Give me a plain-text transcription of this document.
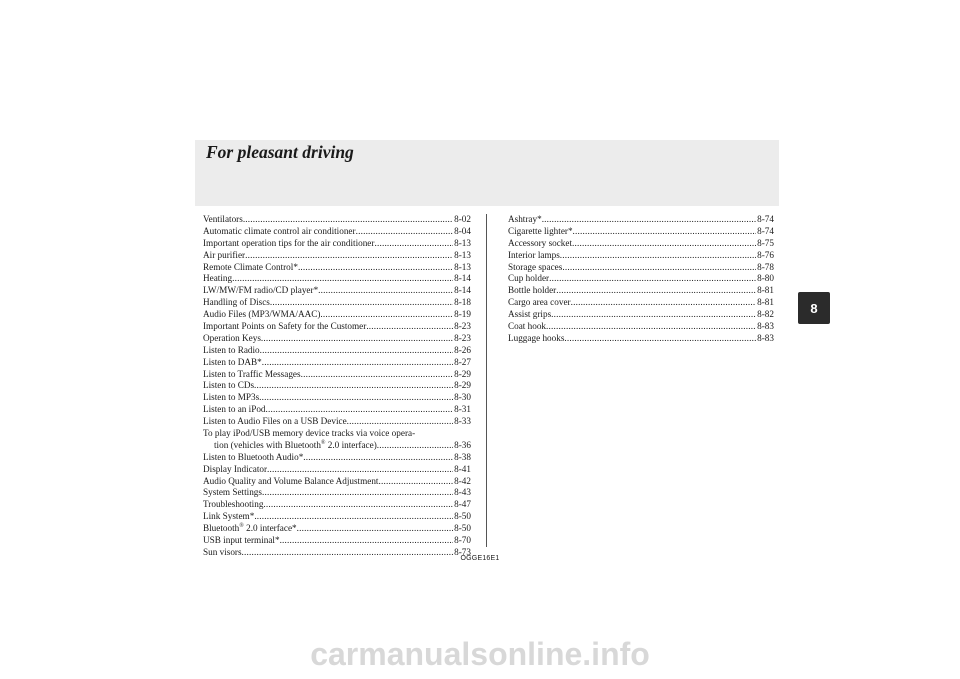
For pleasant driving
Ventilators .....	8-02
Automatic climate control air conditioner .....	8-04
Important operation tips for the air conditioner .....	8-13
Air purifier .....	8-13
Remote Climate Control* .....	8-13
Heating .....	8-14
LW/MW/FM radio/CD player* .....	8-14
Handling of Discs .....	8-18
Audio Files (MP3/WMA/AAC) .....	8-19
Important Points on Safety for the Customer .....	8-23
Operation Keys .....	8-23
Listen to Radio .....	8-26
Listen to DAB* .....	8-27
Listen to Traffic Messages .....	8-29
Listen to CDs .....	8-29
Listen to MP3s .....	8-30
Listen to an iPod .....	8-31
Listen to Audio Files on a USB Device .....	8-33
To play iPod/USB memory device tracks via voice opera-
tion (vehicles with Bluetooth® 2.0 interface) .....	8-36
Listen to Bluetooth Audio* .....	8-38
Display Indicator .....	8-41
Audio Quality and Volume Balance Adjustment .....	8-42
System Settings .....	8-43
Troubleshooting .....	8-47
Link System* .....	8-50
Bluetooth® 2.0 interface* .....	8-50
USB input terminal* .....	8-70
Sun visors .....	8-73
Ashtray* .....	8-74
Cigarette lighter* .....	8-74
Accessory socket .....	8-75
Interior lamps .....	8-76
Storage spaces .....	8-78
Cup holder .....	8-80
Bottle holder .....	8-81
Cargo area cover .....	8-81
Assist grips .....	8-82
Coat hook .....	8-83
Luggage hooks .....	8-83
8
OGGE16E1
carmanualsonline.info
